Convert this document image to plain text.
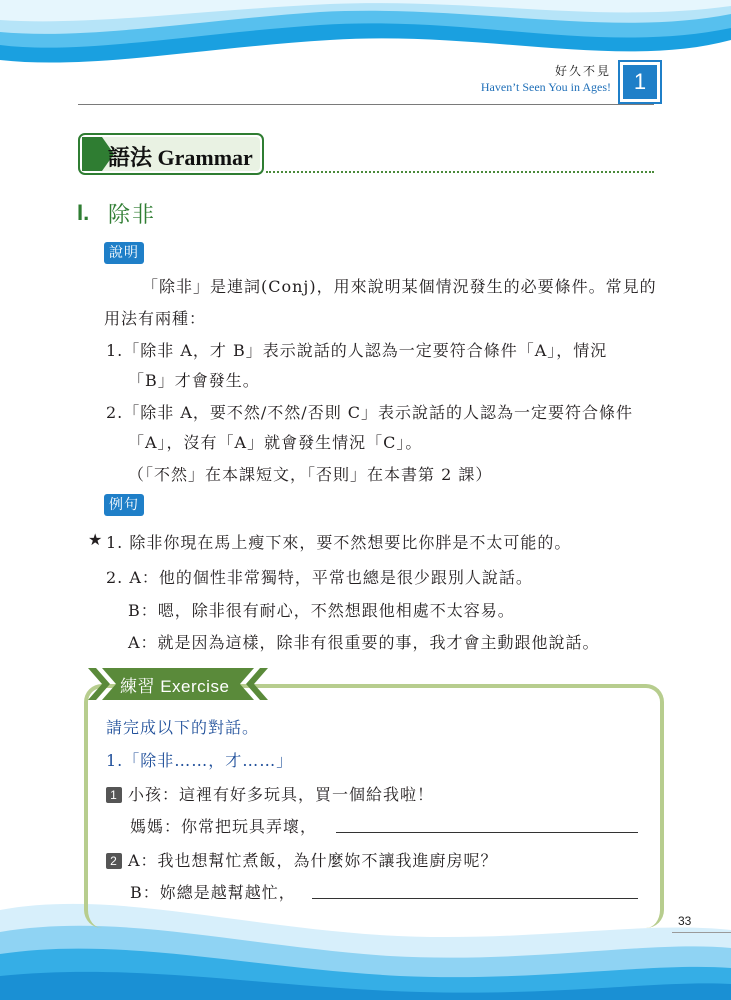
好久不見
Haven’t Seen You in Ages!	1
語法 Grammar
I. 除非
說明
「除非」是連詞(Conj)，用來說明某個情況發生的必要條件。常見的
用法有兩種：
1.「除非 A，才 B」表示說話的人認為一定要符合條件「A」，情況
「B」才會發生。
2.「除非 A，要不然/不然/否則 C」表示說話的人認為一定要符合條件
「A」，沒有「A」就會發生情況「C」。
（「不然」在本課短文，「否則」在本書第 2 課）
例句
★ 1. 除非你現在馬上瘦下來，要不然想要比你胖是不太可能的。
2. A：他的個性非常獨特，平常也總是很少跟別人說話。
B：嗯，除非很有耐心，不然想跟他相處不太容易。
A：就是因為這樣，除非有很重要的事，我才會主動跟他說話。
練習 Exercise
請完成以下的對話。
1.「除非……，才……」
1 小孩：這裡有好多玩具，買一個給我啦！
媽媽：你常把玩具弄壞，
2 A：我也想幫忙煮飯，為什麼妳不讓我進廚房呢？
B：妳總是越幫越忙，
33
